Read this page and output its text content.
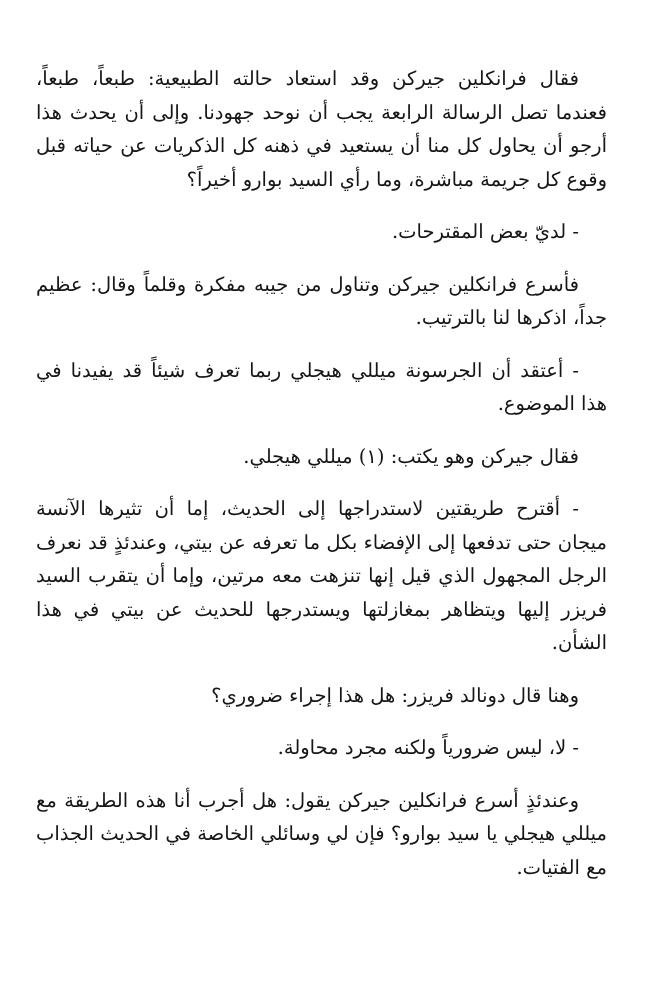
فقال فرانكلين جيركن وقد استعاد حالته الطبيعية: طبعاً، طبعاً، فعندما تصل الرسالة الرابعة يجب أن نوحد جهودنا. وإلى أن يحدث هذا أرجو أن يحاول كل منا أن يستعيد في ذهنه كل الذكريات عن حياته قبل وقوع كل جريمة مباشرة، وما رأي السيد بوارو أخيراً؟

- لديّ بعض المقترحات.

فأسرع فرانكلين جيركن وتناول من جيبه مفكرة وقلماً وقال: عظيم جداً، اذكرها لنا بالترتيب.

- أعتقد أن الجرسونة ميللي هيجلي ربما تعرف شيئاً قد يفيدنا في هذا الموضوع.

فقال جيركن وهو يكتب: (١) ميللي هيجلي.

- أقترح طريقتين لاستدراجها إلى الحديث، إما أن تثيرها الآنسة ميجان حتى تدفعها إلى الإفضاء بكل ما تعرفه عن بيتي، وعندئذٍ قد نعرف الرجل المجهول الذي قيل إنها تنزهت معه مرتين، وإما أن يتقرب السيد فريزر إليها ويتظاهر بمغازلتها ويستدرجها للحديث عن بيتي في هذا الشأن.

وهنا قال دونالد فريزر: هل هذا إجراء ضروري؟

- لا، ليس ضرورياً ولكنه مجرد محاولة.

وعندئذٍ أسرع فرانكلين جيركن يقول: هل أجرب أنا هذه الطريقة مع ميللي هيجلي يا سيد بوارو؟ فإن لي وسائلي الخاصة في الحديث الجذاب مع الفتيات.
